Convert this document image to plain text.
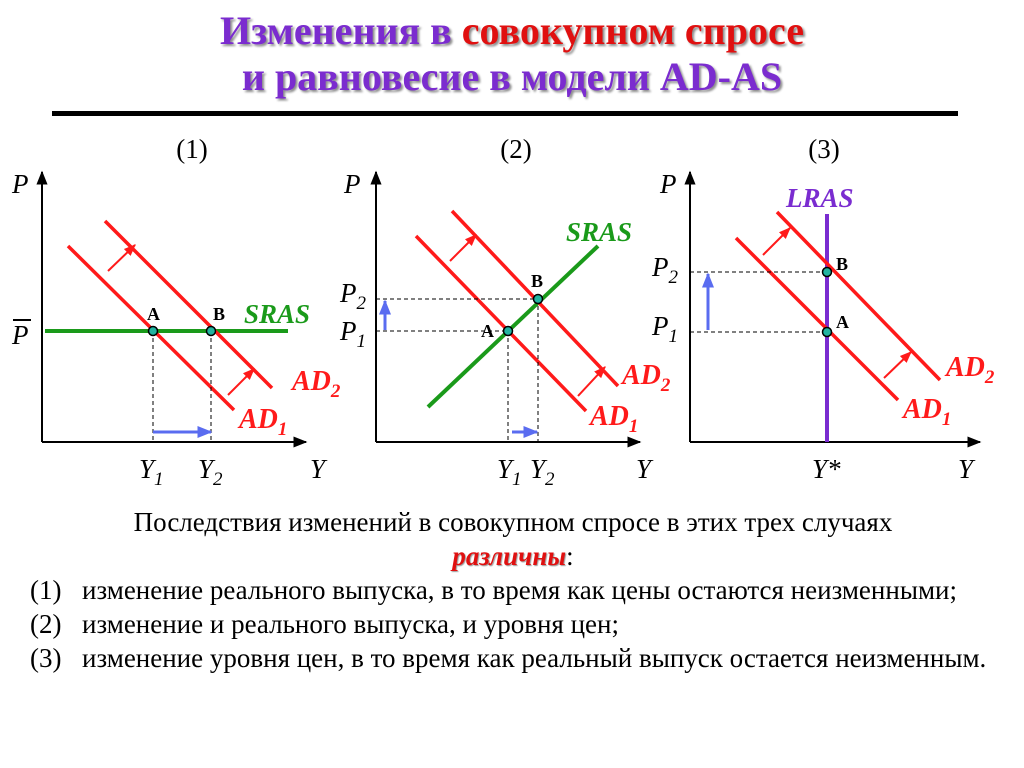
Изменения в совокупном спросе
и равновесие в модели AD-AS
(1)
P
Y
P
SRAS
$AD_2$
$AD_1$
A	B
$Y_1$ $Y_2$
(2)
P
Y
$P_2$
$P_1$
SRAS
$AD_2$
$AD_1$
A
B
$Y_1$ $Y_2$
(3)
P
Y
$P_2$
$P_1$
LRAS
$AD_2$
$AD_1$
B
A
Y*
Последствия изменений в совокупном спросе в этих трех случаях
различны:
(1) изменение реального выпуска, в то время как цены остаются неизменными;
(2) изменение и реального выпуска, и уровня цен;
(3) изменение уровня цен, в то время как реальный выпуск остается неизменным.
